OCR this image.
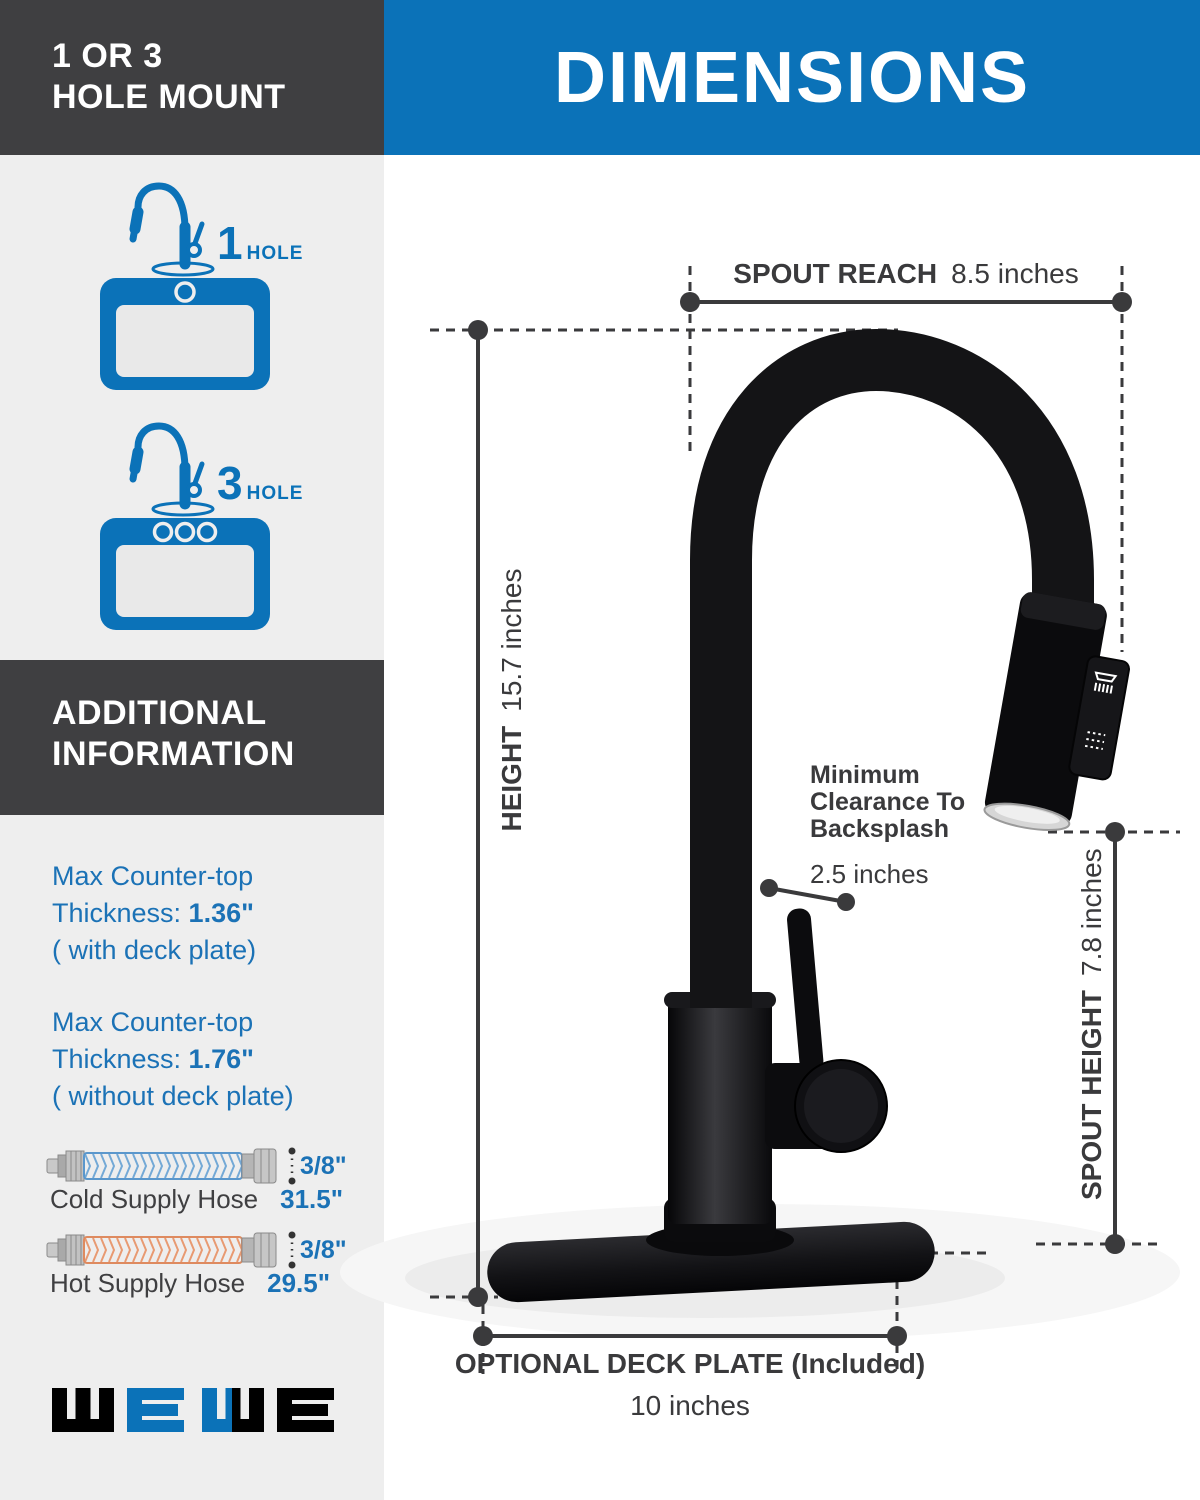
1 OR 3
HOLE MOUNT	DIMENSIONS
1 HOLE
3 HOLE
ADDITIONAL
INFORMATION
Max Counter-top
Thickness: 1.36"
( with deck plate)
Max Counter-top
Thickness: 1.76"
( without deck plate)
3/8"
Cold Supply Hose 31.5"
3/8"
Hot Supply Hose 29.5"
SPOUT REACH 8.5 inches
HEIGHT15.7 inches
Minimum
Clearance To
Backsplash
2.5 inches
SPOUT HEIGHT7.8 inches
OPTIONAL DECK PLATE (Included)
10 inches
